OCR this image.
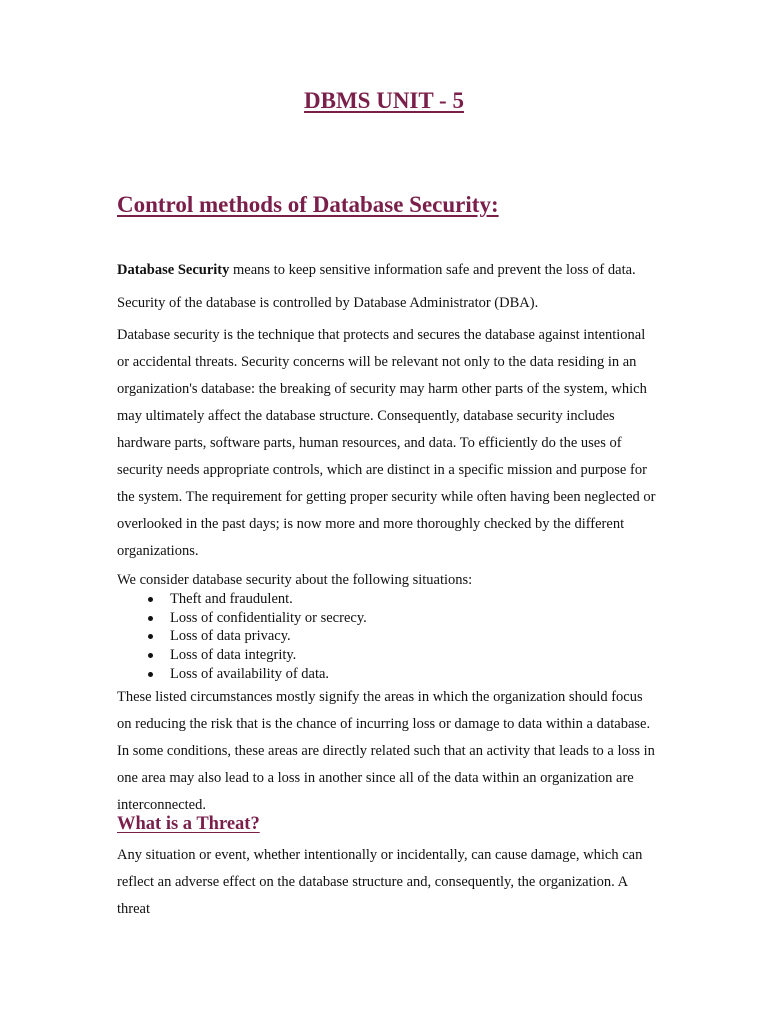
DBMS UNIT - 5
Control methods of Database Security:

Database Security means to keep sensitive information safe and prevent the loss of data.

Security of the database is controlled by Database Administrator (DBA).

Database security is the technique that protects and secures the database against intentional or accidental threats. Security concerns will be relevant not only to the data residing in an organization's database: the breaking of security may harm other parts of the system, which may ultimately affect the database structure. Consequently, database security includes hardware parts, software parts, human resources, and data. To efficiently do the uses of security needs appropriate controls, which are distinct in a specific mission and purpose for the system. The requirement for getting proper security while often having been neglected or overlooked in the past days; is now more and more thoroughly checked by the different organizations.

We consider database security about the following situations:

Theft and fraudulent.
Loss of confidentiality or secrecy.
Loss of data privacy.
Loss of data integrity.
Loss of availability of data.

These listed circumstances mostly signify the areas in which the organization should focus on reducing the risk that is the chance of incurring loss or damage to data within a database. In some conditions, these areas are directly related such that an activity that leads to a loss in one area may also lead to a loss in another since all of the data within an organization are interconnected.

What is a Threat?

Any situation or event, whether intentionally or incidentally, can cause damage, which can reflect an adverse effect on the database structure and, consequently, the organization. A threat
